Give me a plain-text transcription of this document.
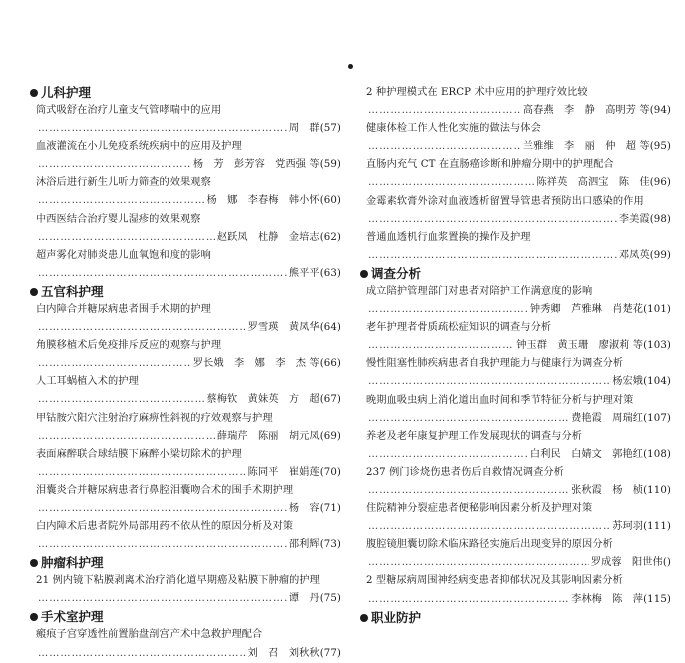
儿科护理
筒式吸舒在治疗儿童支气管哮喘中的应用
…………………………………………………………………………………………………………………
周　群(57)
血液灌流在小儿免疫系统疾病中的应用及护理
…………………………………………………………………………………………………………………
杨　芳　彭芳容　党西强 等(59)
沐浴后进行新生儿听力筛查的效果观察
…………………………………………………………………………………………………………………
杨　娜　李春梅　韩小怀(60)
中西医结合治疗婴儿湿疹的效果观察
…………………………………………………………………………………………………………………
赵跃凤　杜静　金培志(62)
超声雾化对肺炎患儿血氧饱和度的影响
…………………………………………………………………………………………………………………
熊平平(63)
五官科护理
白内障合并糖尿病患者围手术期的护理
…………………………………………………………………………………………………………………
罗雪瑛　黄凤华(64)
角膜移植术后免疫排斥反应的观察与护理
…………………………………………………………………………………………………………………
罗长娥　李　娜　李　杰 等(66)
人工耳蜗植入术的护理
…………………………………………………………………………………………………………………
蔡梅钦　黄妹英　方　超(67)
甲钴胺穴阳穴注射治疗麻痹性斜视的疗效观察与护理
…………………………………………………………………………………………………………………
薛瑞芹　陈丽　胡元凤(69)
表面麻醉联合球结膜下麻醉小梁切除术的护理
…………………………………………………………………………………………………………………
陈同平　崔娟莲(70)
泪囊炎合并糖尿病患者行鼻腔泪囊吻合术的围手术期护理
…………………………………………………………………………………………………………………
杨　容(71)
白内障术后患者院外局部用药不依从性的原因分析及对策
…………………………………………………………………………………………………………………
邵利辉(73)
肿瘤科护理
21 例内镜下粘膜剥离术治疗消化道早期癌及粘膜下肿瘤的护理
…………………………………………………………………………………………………………………
谭　丹(75)
手术室护理
瘢痕子宫穿透性前置胎盘剖宫产术中急救护理配合
…………………………………………………………………………………………………………………
刘　召　刘秋秋(77)
2 种护理模式在 ERCP 术中应用的护理疗效比较
…………………………………………………………………………………………………………………
高春燕　李　静　高明芳 等(94)
健康体检工作人性化实施的做法与体会
…………………………………………………………………………………………………………………
兰雅维　李　丽　仲　超 等(95)
直肠内充气 CT 在直肠癌诊断和肿瘤分期中的护理配合
…………………………………………………………………………………………………………………
陈祥英　高泗宝　陈　佳(96)
金霉素软膏外涂对血液透析留置导管患者预防出口感染的作用
…………………………………………………………………………………………………………………
李美霞(98)
普通血透机行血浆置换的操作及护理
…………………………………………………………………………………………………………………
邓凤英(99)
调查分析
成立陪护管理部门对患者对陪护工作满意度的影响
…………………………………………………………………………………………………………………
钟秀卿　芦雅琳　肖楚花(101)
老年护理者骨质疏松症知识的调查与分析
…………………………………………………………………………………………………………………
钟玉群　黄玉珊　廖淑莉 等(103)
慢性阻塞性肺疾病患者自我护理能力与健康行为调查分析
…………………………………………………………………………………………………………………
杨宏娥(104)
晚期血吸虫病上消化道出血时间和季节特征分析与护理对策
…………………………………………………………………………………………………………………
费艳霞　周瑞红(107)
养老及老年康复护理工作发展现状的调查与分析
…………………………………………………………………………………………………………………
白利民　白婧文　郭艳红(108)
237 例门诊烧伤患者伤后自救情况调查分析
…………………………………………………………………………………………………………………
张秋霞　杨　桢(110)
住院精神分裂症患者便秘影响因素分析及护理对策
…………………………………………………………………………………………………………………
苏珂羽(111)
腹腔镜胆囊切除术临床路径实施后出现变异的原因分析
…………………………………………………………………………………………………………………
罗成蓉　阳世伟()
2 型糖尿病周围神经病变患者抑郁状况及其影响因素分析
…………………………………………………………………………………………………………………
李林梅　陈　萍(115)
职业防护
